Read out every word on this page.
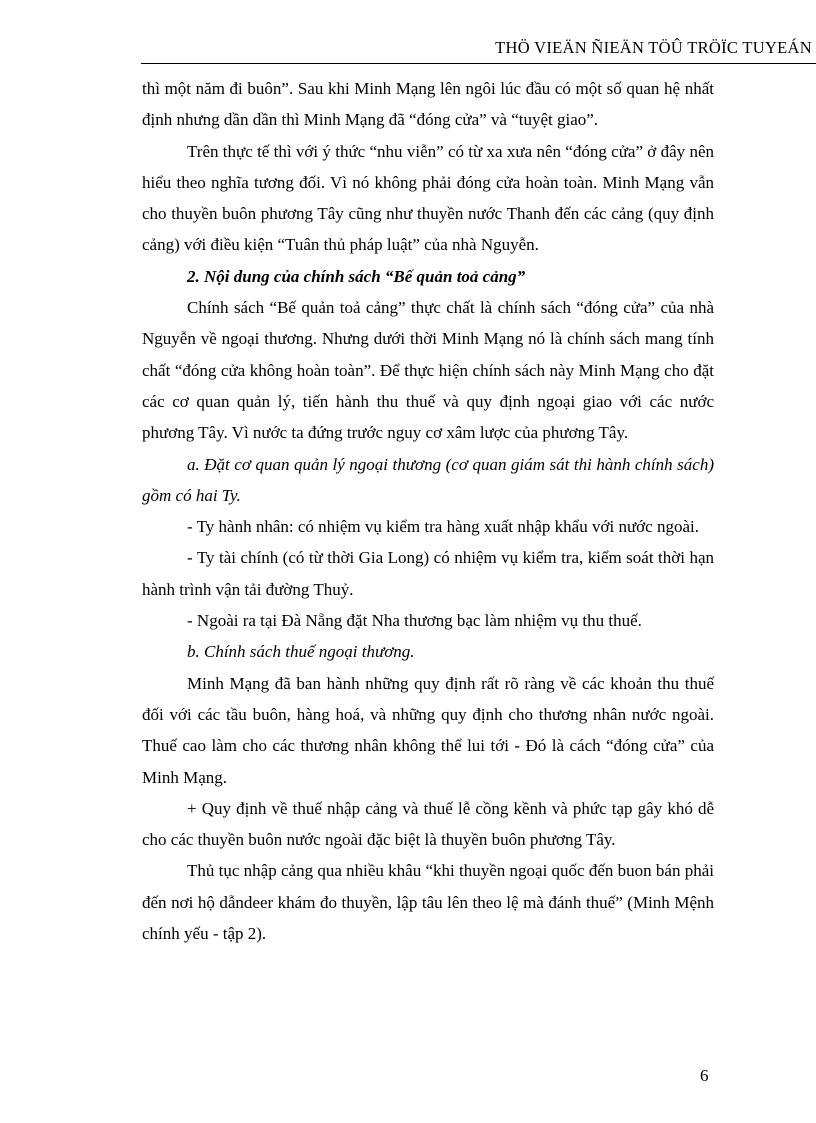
THÖ VIEÄN ÑIEÄN TÖÛ TRÖÏC TUYEÁN

thì một năm đi buôn”. Sau khi Minh Mạng lên ngôi lúc đầu có một số quan hệ nhất định nhưng dần dần thì Minh Mạng đã “đóng cửa” và “tuyệt giao”.

Trên thực tế thì với ý thức “nhu viễn” có từ xa xưa nên “đóng cửa” ở đây nên hiểu theo nghĩa tương đối. Vì nó không phải đóng cửa hoàn toàn. Minh Mạng vẫn cho thuyền buôn phương Tây cũng như thuyền nước Thanh đến các cảng (quy định cảng) với điều kiện “Tuân thủ pháp luật” của nhà Nguyễn.

2. Nội dung của chính sách “Bế quản toả cảng”

Chính sách “Bế quản toả cảng” thực chất là chính sách “đóng cửa” của nhà Nguyễn về ngoại thương. Nhưng dưới thời Minh Mạng nó là chính sách mang tính chất “đóng cửa không hoàn toàn”. Để thực hiện chính sách này Minh Mạng cho đặt các cơ quan quản lý, tiến hành thu thuế và quy định ngoại giao với các nước phương Tây. Vì nước ta đứng trước nguy cơ xâm lược của phương Tây.

a. Đặt cơ quan quản lý ngoại thương (cơ quan giám sát thi hành chính sách) gồm có hai Ty.

- Ty hành nhân: có nhiệm vụ kiểm tra hàng xuất nhập khẩu với nước ngoài.

- Ty tài chính (có từ thời Gia Long) có nhiệm vụ kiểm tra, kiểm soát thời hạn hành trình vận tải đường Thuỷ.

- Ngoài ra tại Đà Nẵng đặt Nha thương bạc làm nhiệm vụ thu thuế.

b. Chính sách thuế ngoại thương.

Minh Mạng đã ban hành những quy định rất rõ ràng về các khoản thu thuế đối với các tầu buôn, hàng hoá, và những quy định cho thương nhân nước ngoài. Thuế cao làm cho các thương nhân không thể lui tới - Đó là cách “đóng cửa” của Minh Mạng.

+ Quy định về thuế nhập cảng và thuế lễ cồng kềnh và phức tạp gây khó dễ cho các thuyền buôn nước ngoài đặc biệt là thuyền buôn phương Tây.

Thủ tục nhập cảng qua nhiều khâu “khi thuyền ngoại quốc đến buon bán phải đến nơi hộ dẫndeer khám đo thuyền, lập tâu lên theo lệ mà đánh thuế” (Minh Mệnh chính yếu - tập 2).

6
